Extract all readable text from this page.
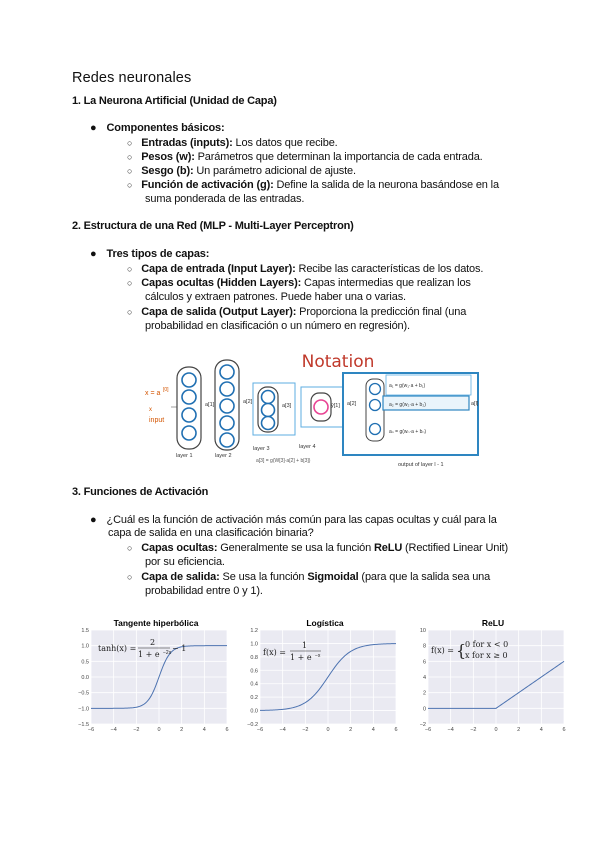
Redes neuronales
1. La Neurona Artificial (Unidad de Capa)
● Componentes básicos:
○ Entradas (inputs): Los datos que recibe.
○ Pesos (w): Parámetros que determinan la importancia de cada entrada.
○ Sesgo (b): Un parámetro adicional de ajuste.
○ Función de activación (g): Define la salida de la neurona basándose en la
suma ponderada de las entradas.
2. Estructura de una Red (MLP - Multi-Layer Perceptron)
● Tres tipos de capas:
○ Capa de entrada (Input Layer): Recibe las características de los datos.
○ Capas ocultas (Hidden Layers): Capas intermedias que realizan los
cálculos y extraen patrones. Puede haber una o varias.
○ Capa de salida (Output Layer): Proporciona la predicción final (una
probabilidad en clasificación o un número en regresión).
Notation
x = a [0]
x
input
layer 1
a[1]
layer 2
a[2]
layer 3
a[3]
a[3] = g(W[3]·a[2] + b[3])
layer 4
ŷ[1] a[2]
a₁ = g(w₁·a + b₁)
a₂ = g(w₂·a + b₂)
aₙ = g(wₙ·a + bₙ)
a[l]
output of layer l - 1
3. Funciones de Activación
● ¿Cuál es la función de activación más común para las capas ocultas y cuál para la
capa de salida en una clasificación binaria?
○ Capas ocultas: Generalmente se usa la función ReLU (Rectified Linear Unit)
por su eficiencia.
○ Capa de salida: Se usa la función Sigmoidal (para que la salida sea una
probabilidad entre 0 y 1).
Tangente hiperbólica
1.5
1.0
0.5
0.0
−0.5
−1.0
−1.5
−6	−4	−2	0	2	4	6
tanh(x) =
2
1 + e −2x − 1
Logística
1.2
1.0
0.8
0.6
0.4
0.2
0.0
−0.2
−6	−4	−2	0	2	4	6
f(x) =
1
1 + e −x
ReLU
10
8
6
4
2
0
−2
−6	−4	−2	0	2	4	6
f(x) = {
0 for x < 0
x for x ≥ 0
